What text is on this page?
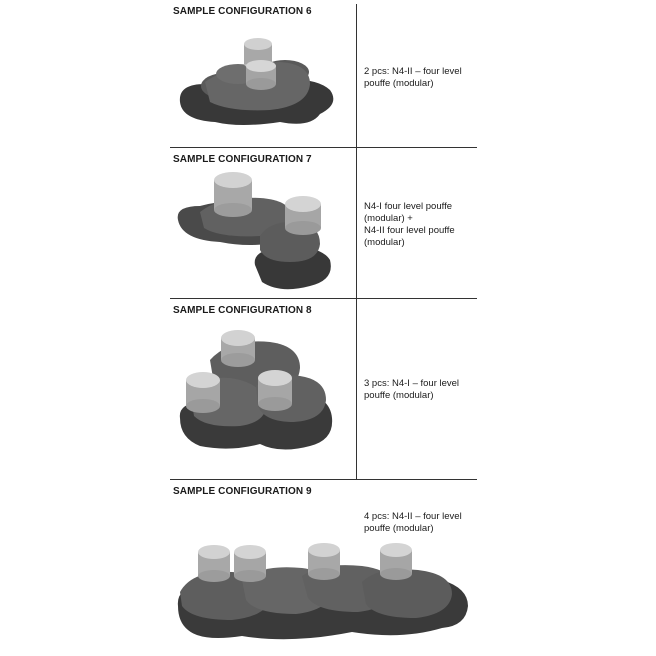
SAMPLE CONFIGURATION 6
2 pcs: N4-II – four level
pouffe (modular)
SAMPLE CONFIGURATION 7
N4-I four level pouffe
(modular) +
N4-II four level pouffe
(modular)
SAMPLE CONFIGURATION 8
3 pcs: N4-I – four level
pouffe (modular)
SAMPLE CONFIGURATION 9
4 pcs: N4-II – four level
pouffe (modular)
